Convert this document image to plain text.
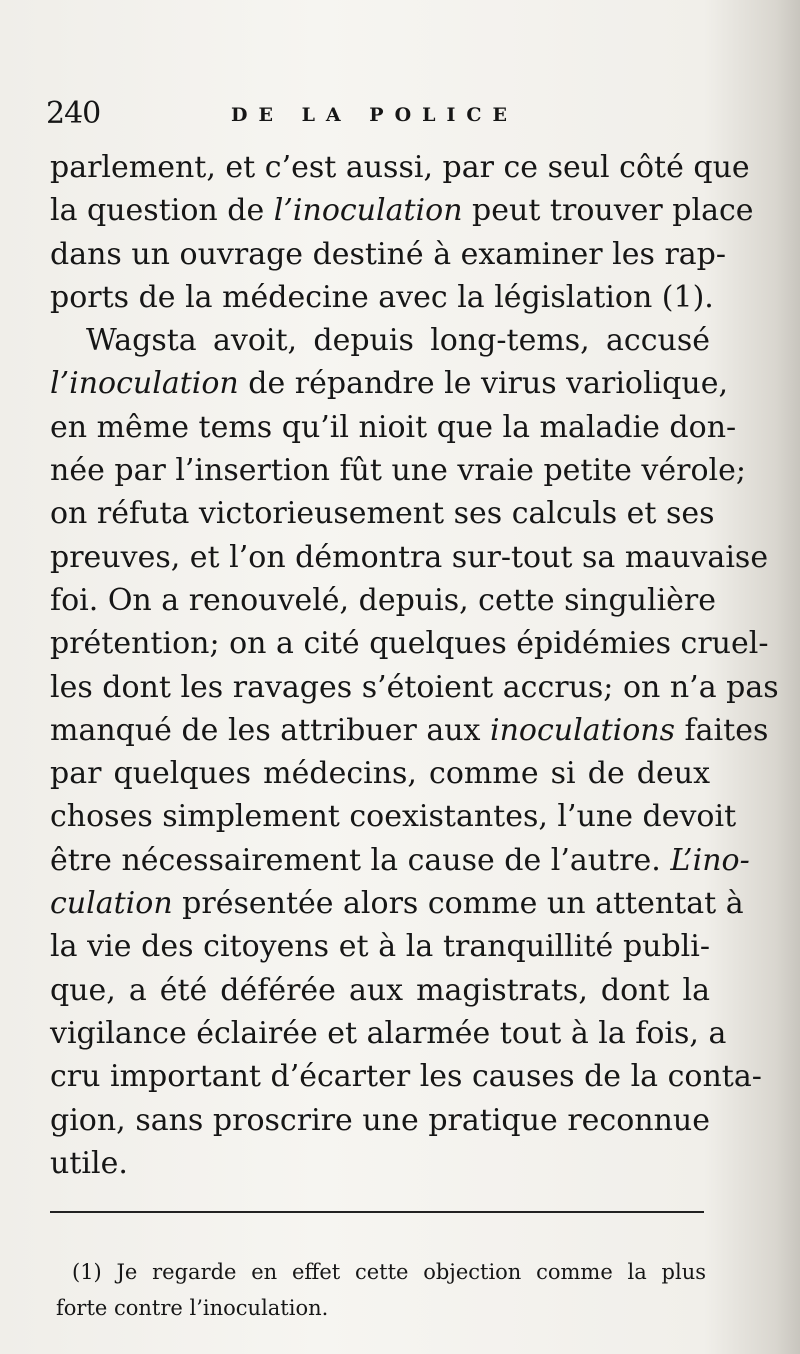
240	DE LA POLICE
parlement, et c’est aussi, par ce seul côté que
la question de l’inoculation peut trouver place
dans un ouvrage destiné à examiner les rap-
ports de la médecine avec la législation (1).
Wagsta avoit, depuis long-tems, accusé
l’inoculation de répandre le virus variolique,
en même tems qu’il nioit que la maladie don-
née par l’insertion fût une vraie petite vérole;
on réfuta victorieusement ses calculs et ses
preuves, et l’on démontra sur-tout sa mauvaise
foi. On a renouvelé, depuis, cette singulière
prétention; on a cité quelques épidémies cruel-
les dont les ravages s’étoient accrus; on n’a pas
manqué de les attribuer aux inoculations faites
par quelques médecins, comme si de deux
choses simplement coexistantes, l’une devoit
être nécessairement la cause de l’autre. L’ino-
culation présentée alors comme un attentat à
la vie des citoyens et à la tranquillité publi-
que, a été déférée aux magistrats, dont la
vigilance éclairée et alarmée tout à la fois, a
cru important d’écarter les causes de la conta-
gion, sans proscrire une pratique reconnue
utile.
(1) Je regarde en effet cette objection comme la plus
forte contre l’inoculation.
